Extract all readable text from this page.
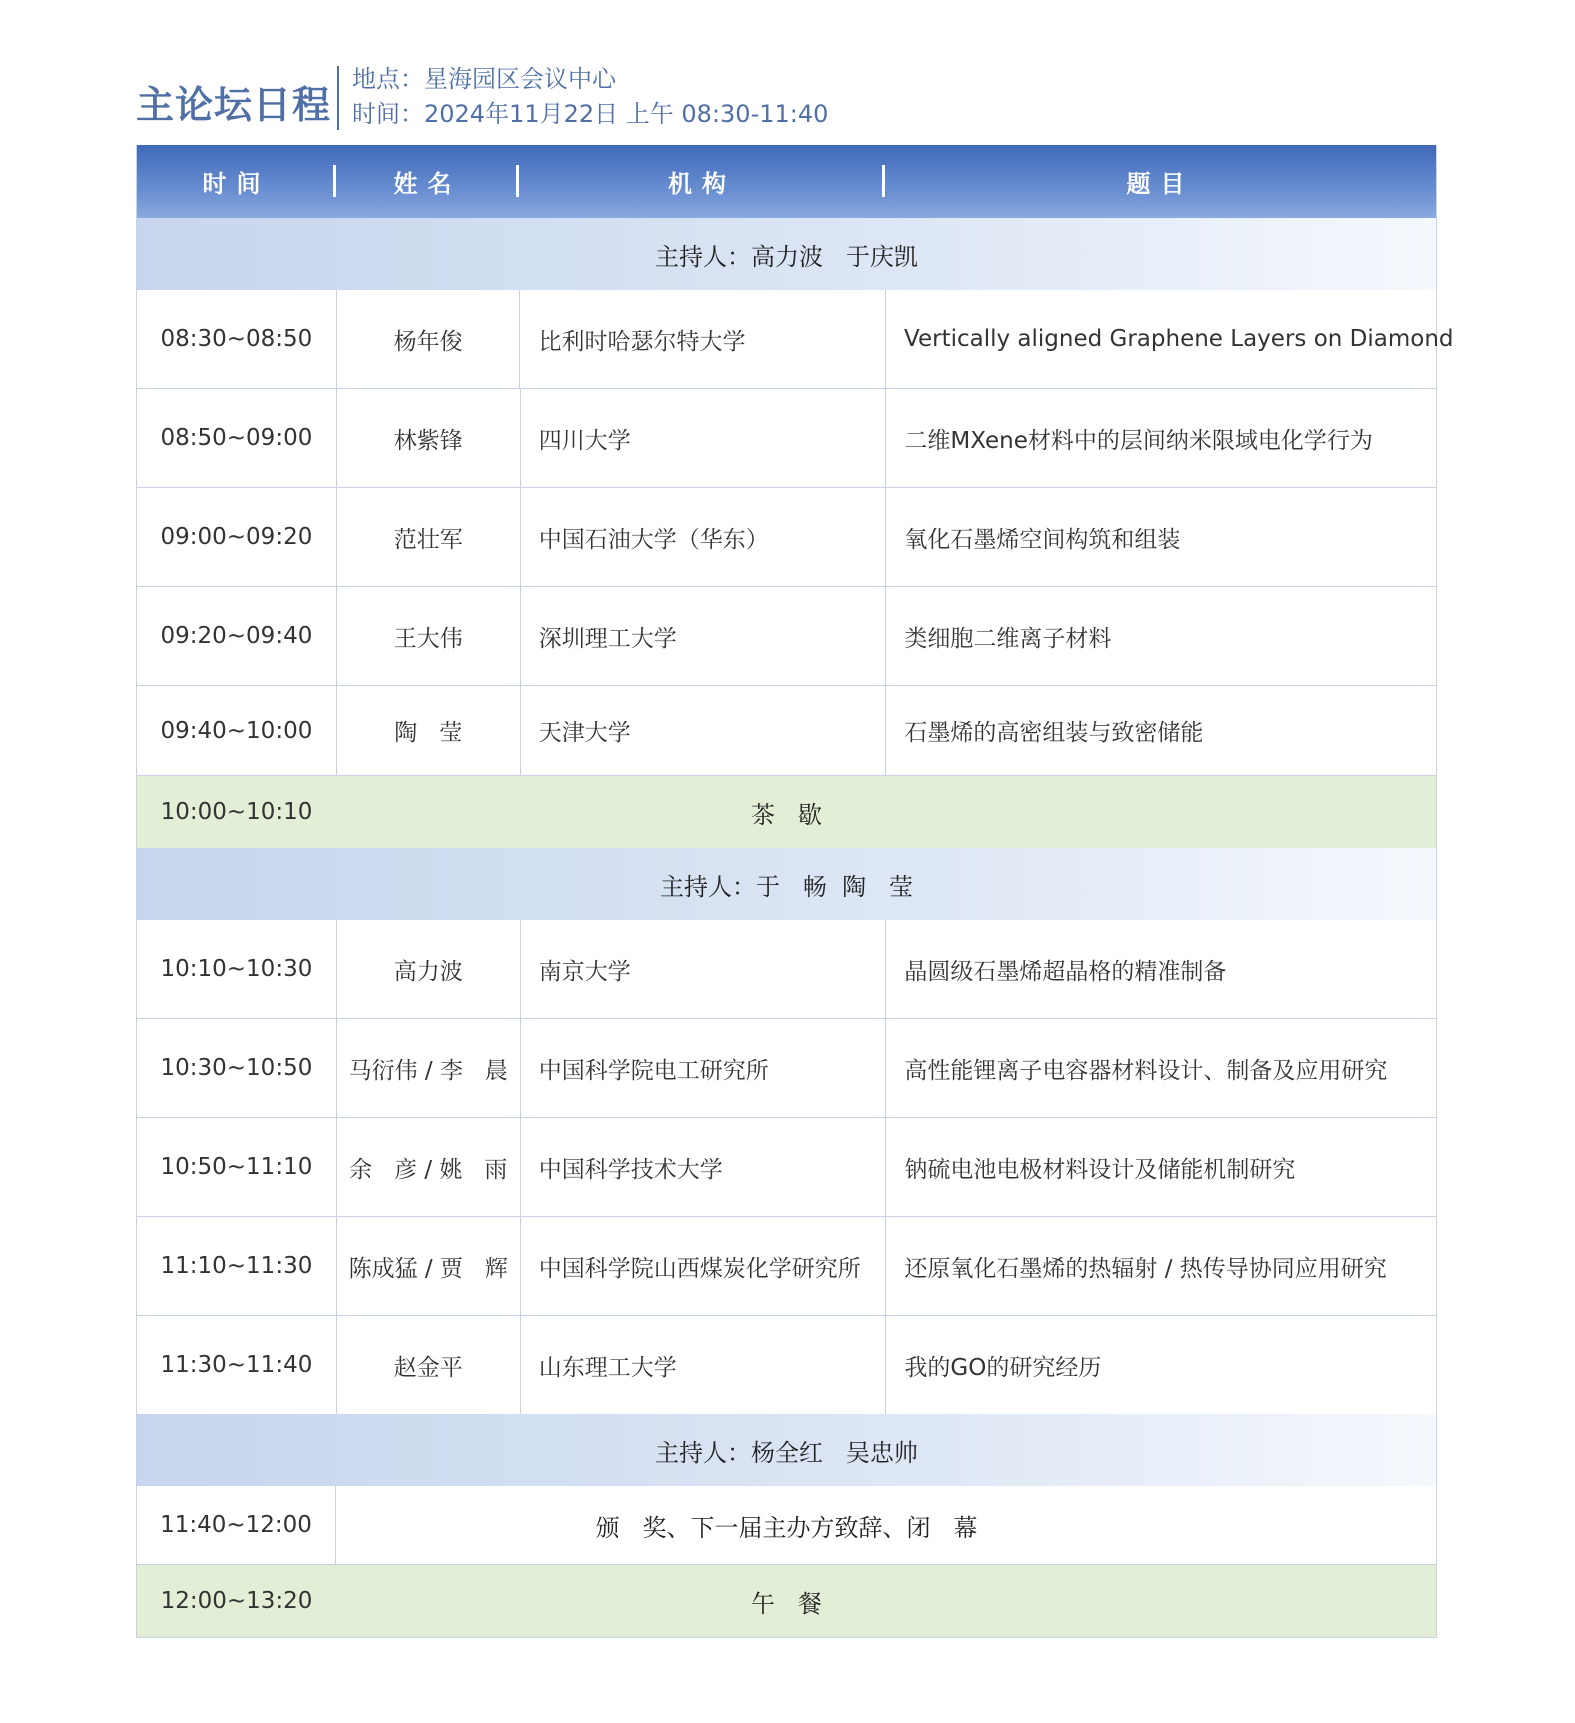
主论坛日程
地点：星海园区会议中心
时间：2024年11月22日 上午 08:30-11:40
时间	姓名	机构	题目
主持人：高力波   于庆凯
08:30~08:50	杨年俊	比利时哈瑟尔特大学	Vertically aligned Graphene Layers on Diamond
08:50~09:00	林紫锋	四川大学	二维MXene材料中的层间纳米限域电化学行为
09:00~09:20	范壮军	中国石油大学（华东）	氧化石墨烯空间构筑和组装
09:20~09:40	王大伟	深圳理工大学	类细胞二维离子材料
09:40~10:00	陶   莹	天津大学	石墨烯的高密组装与致密储能
10:00~10:10	茶   歇
主持人：于   畅  陶   莹
10:10~10:30	高力波	南京大学	晶圆级石墨烯超晶格的精准制备
10:30~10:50	马衍伟 / 李   晨	中国科学院电工研究所	高性能锂离子电容器材料设计、制备及应用研究
10:50~11:10	余   彦 / 姚   雨	中国科学技术大学	钠硫电池电极材料设计及储能机制研究
11:10~11:30	陈成猛 / 贾   辉	中国科学院山西煤炭化学研究所	还原氧化石墨烯的热辐射 / 热传导协同应用研究
11:30~11:40	赵金平	山东理工大学	我的GO的研究经历
主持人：杨全红   吴忠帅
11:40~12:00	颁   奖、下一届主办方致辞、闭   幕
12:00~13:20	午   餐
